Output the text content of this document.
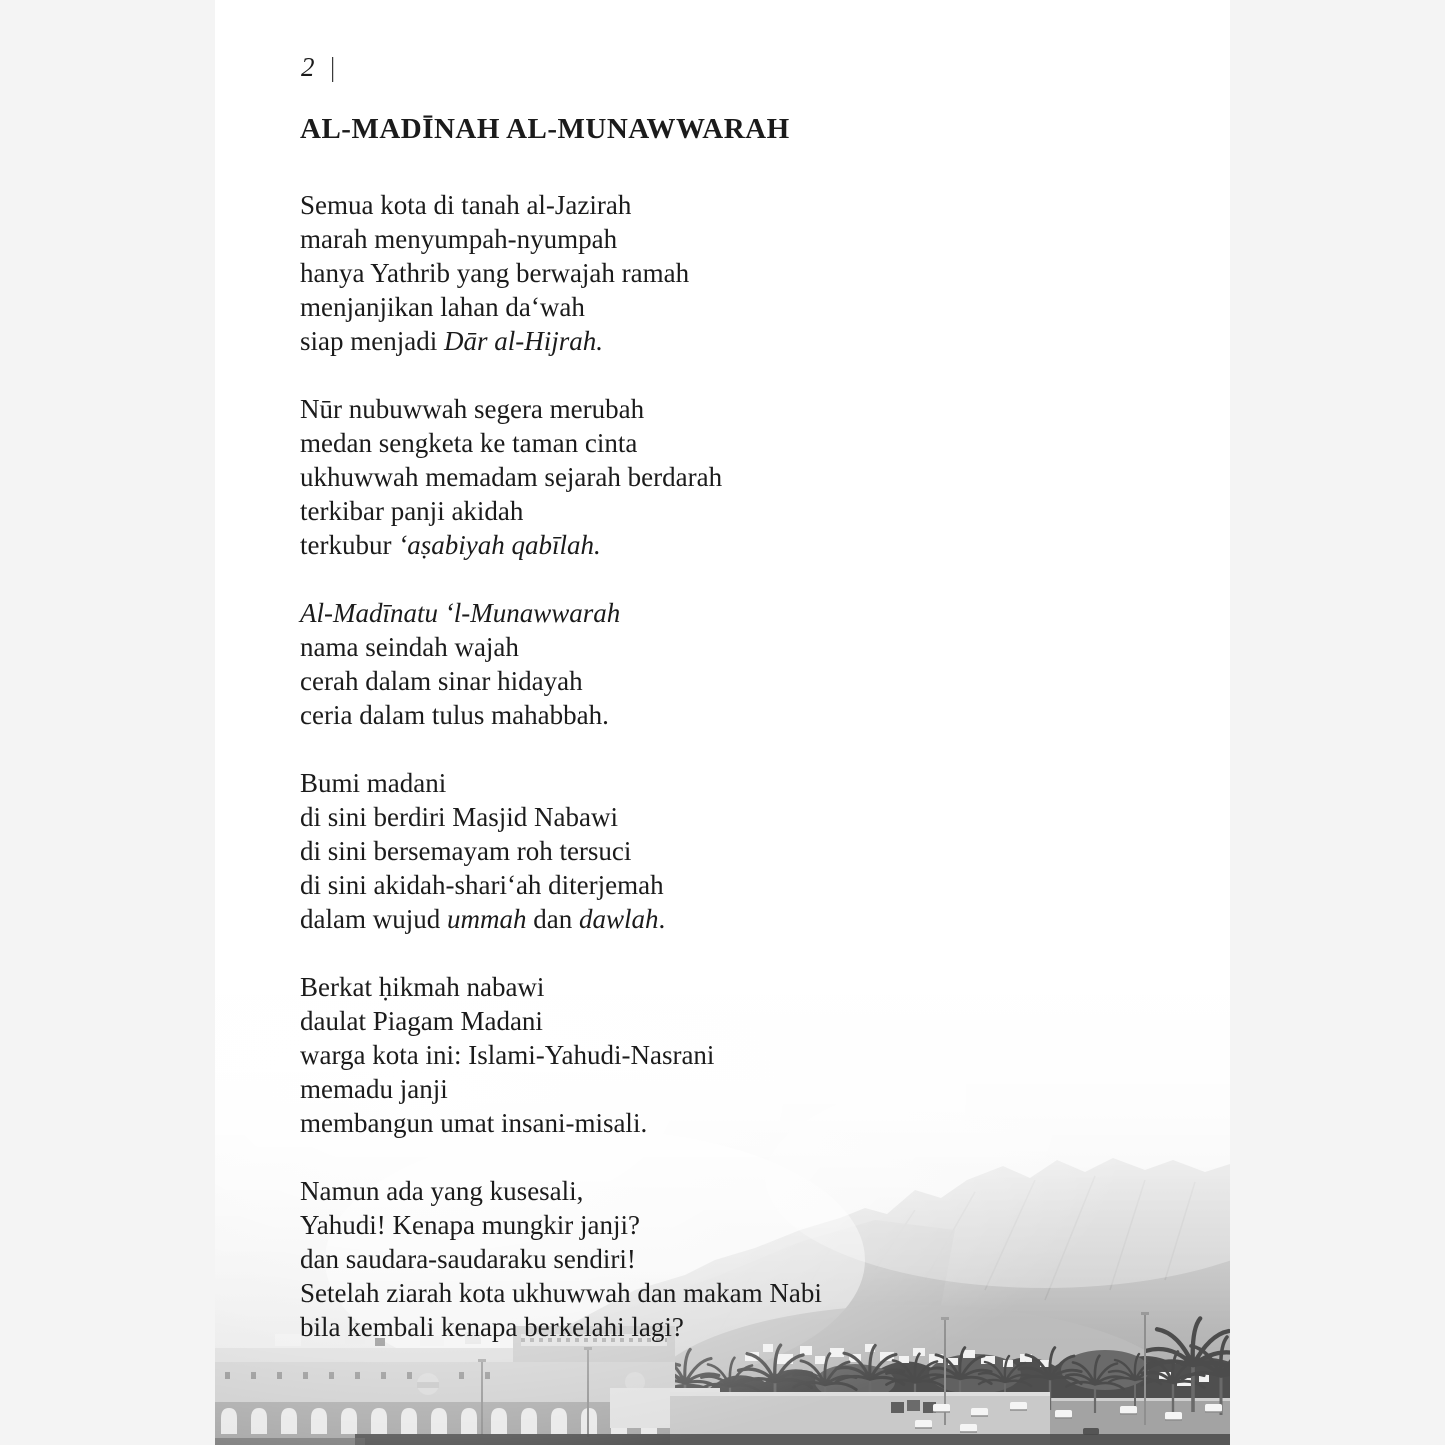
2 |
AL-MADĪNAH AL-MUNAWWARAH

Semua kota di tanah al-Jazirah
marah menyumpah-nyumpah
hanya Yathrib yang berwajah ramah
menjanjikan lahan da‘wah
siap menjadi Dār al-Hijrah.

Nūr nubuwwah segera merubah
medan sengketa ke taman cinta
ukhuwwah memadam sejarah berdarah
terkibar panji akidah
terkubur ‘aṣabiyah qabīlah.

Al-Madīnatu ‘l-Munawwarah
nama seindah wajah
cerah dalam sinar hidayah
ceria dalam tulus mahabbah.

Bumi madani
di sini berdiri Masjid Nabawi
di sini bersemayam roh tersuci
di sini akidah-shari‘ah diterjemah
dalam wujud ummah dan dawlah.

Berkat ḥikmah nabawi
daulat Piagam Madani
warga kota ini: Islami-Yahudi-Nasrani
memadu janji
membangun umat insani-misali.

Namun ada yang kusesali,
Yahudi! Kenapa mungkir janji?
dan saudara-saudaraku sendiri!
Setelah ziarah kota ukhuwwah dan makam Nabi
bila kembali kenapa berkelahi lagi?
